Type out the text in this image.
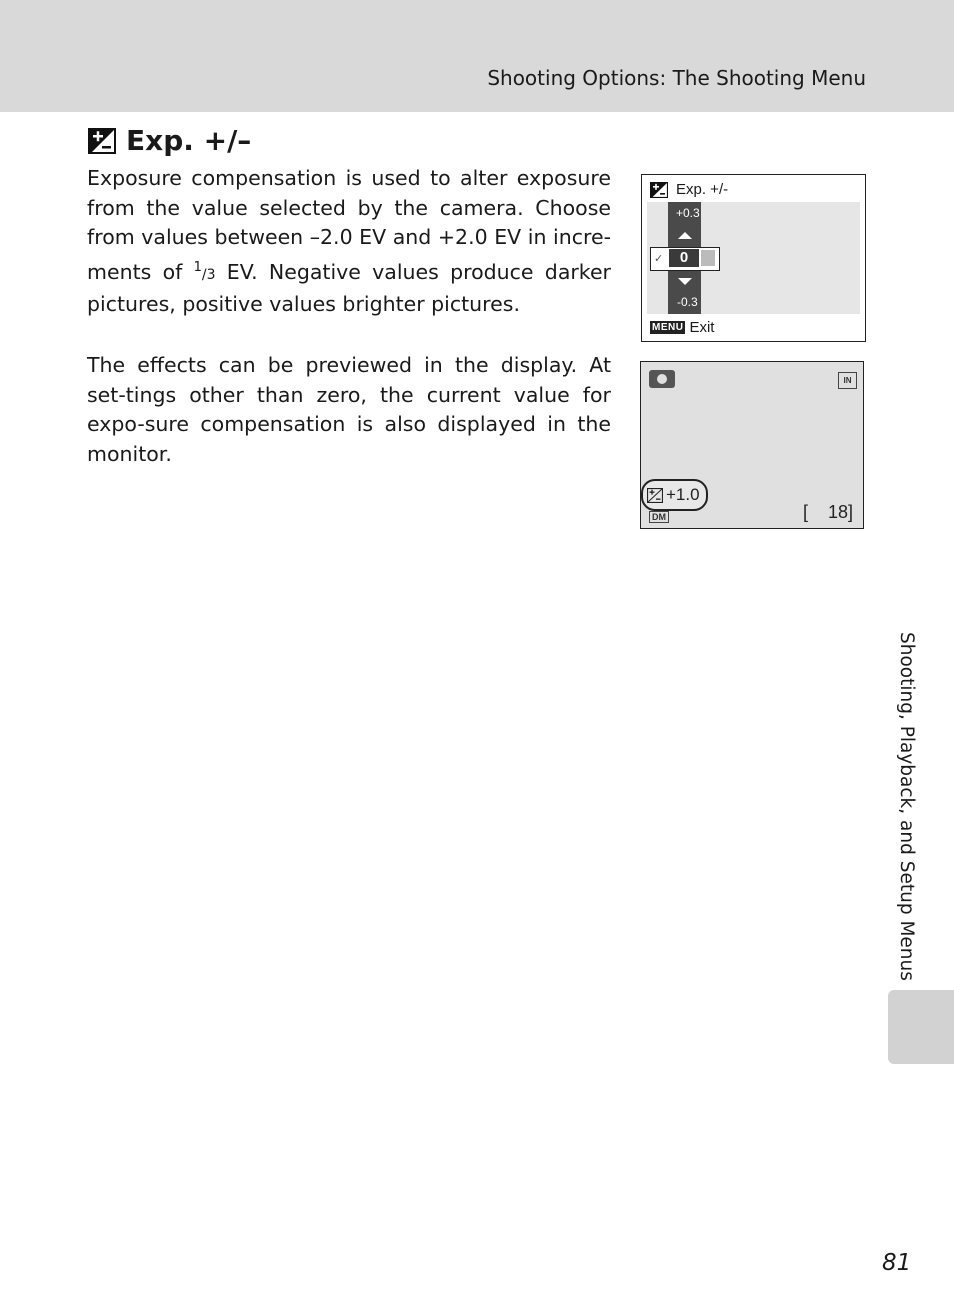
Shooting Options: The Shooting Menu
Exp. +/–
Exposure compensation is used to alter exposure from the value selected by the camera. Choose from values between –2.0 EV and +2.0 EV in incre-ments of $^1$/3 EV. Negative values produce darker pictures, positive values brighter pictures.
The effects can be previewed in the display. At set-tings other than zero, the current value for expo-sure compensation is also displayed in the monitor.
Exp. +/-
+0.3
✓	0
-0.3
MENU Exit
IN
+1.0
DM	[    18]
Shooting, Playback, and Setup Menus
81
